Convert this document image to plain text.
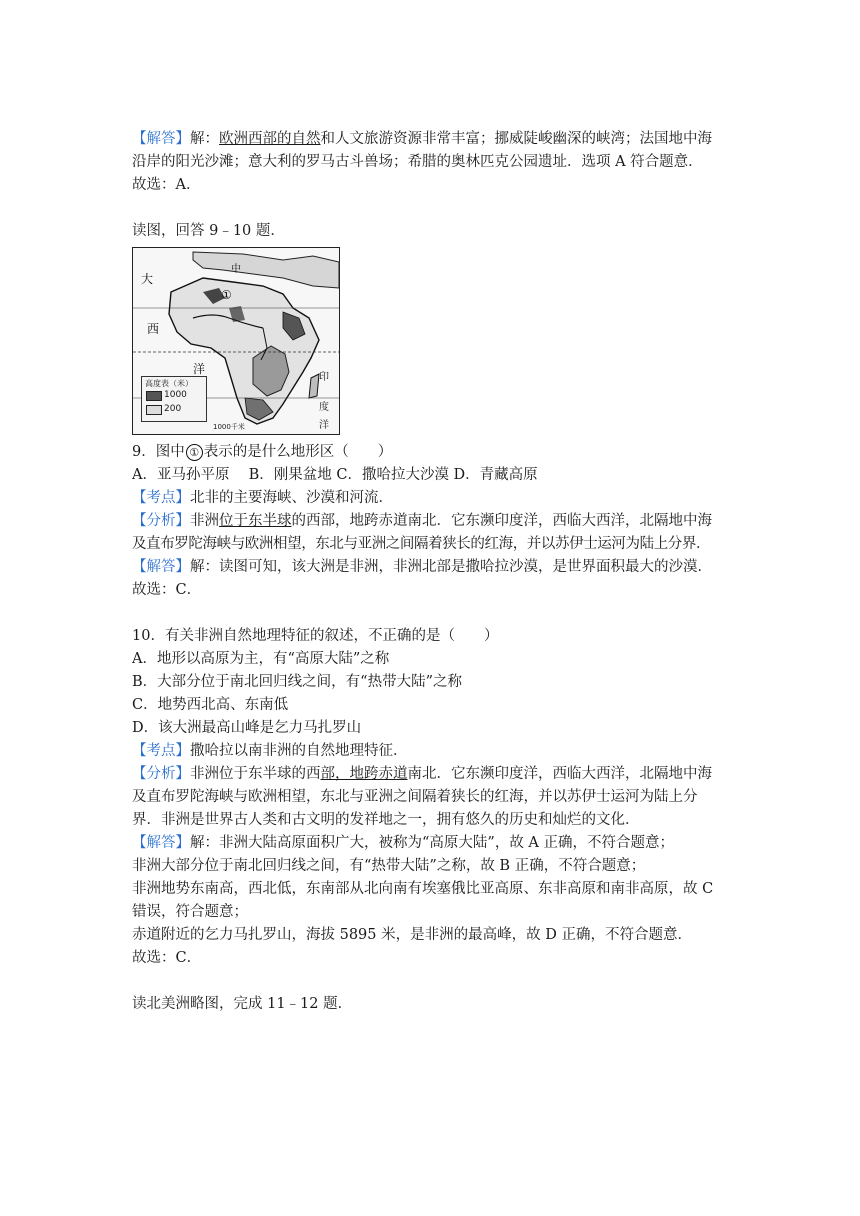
【解答】解：欧洲西部的自然和人文旅游资源非常丰富；挪威陡峻幽深的峡湾；法国地中海
沿岸的阳光沙滩；意大利的罗马古斗兽场；希腊的奥林匹克公园遗址．选项 A 符合题意．
故选：A．
读图，回答 9﹣10 题．
大
西
洋
中
①
印
度
洋
高度表（米）
1000
200
1000千米
9．图中 ① 表示的是什么地形区（　　）
A．亚马孙平原　 B．刚果盆地 C．撒哈拉大沙漠 D．青藏高原
【考点】北非的主要海峡、沙漠和河流．
【分析】非洲位于东半球的西部，地跨赤道南北．它东濒印度洋，西临大西洋，北隔地中海
及直布罗陀海峡与欧洲相望，东北与亚洲之间隔着狭长的红海，并以苏伊士运河为陆上分界．
【解答】解：读图可知，该大洲是非洲，非洲北部是撒哈拉沙漠，是世界面积最大的沙漠．
故选：C．
10．有关非洲自然地理特征的叙述，不正确的是（　　）
A．地形以高原为主，有“高原大陆”之称
B．大部分位于南北回归线之间，有“热带大陆”之称
C．地势西北高、东南低
D．该大洲最高山峰是乞力马扎罗山
【考点】撒哈拉以南非洲的自然地理特征．
【分析】非洲位于东半球的西部，地跨赤道南北．它东濒印度洋，西临大西洋，北隔地中海
及直布罗陀海峡与欧洲相望，东北与亚洲之间隔着狭长的红海，并以苏伊士运河为陆上分
界．非洲是世界古人类和古文明的发祥地之一，拥有悠久的历史和灿烂的文化．
【解答】解：非洲大陆高原面积广大，被称为“高原大陆”，故 A 正确，不符合题意；
非洲大部分位于南北回归线之间，有“热带大陆”之称，故 B 正确，不符合题意；
非洲地势东南高，西北低，东南部从北向南有埃塞俄比亚高原、东非高原和南非高原，故 C
错误，符合题意；
赤道附近的乞力马扎罗山，海拔 5895 米，是非洲的最高峰，故 D 正确，不符合题意．
故选：C．
读北美洲略图，完成 11﹣12 题．
